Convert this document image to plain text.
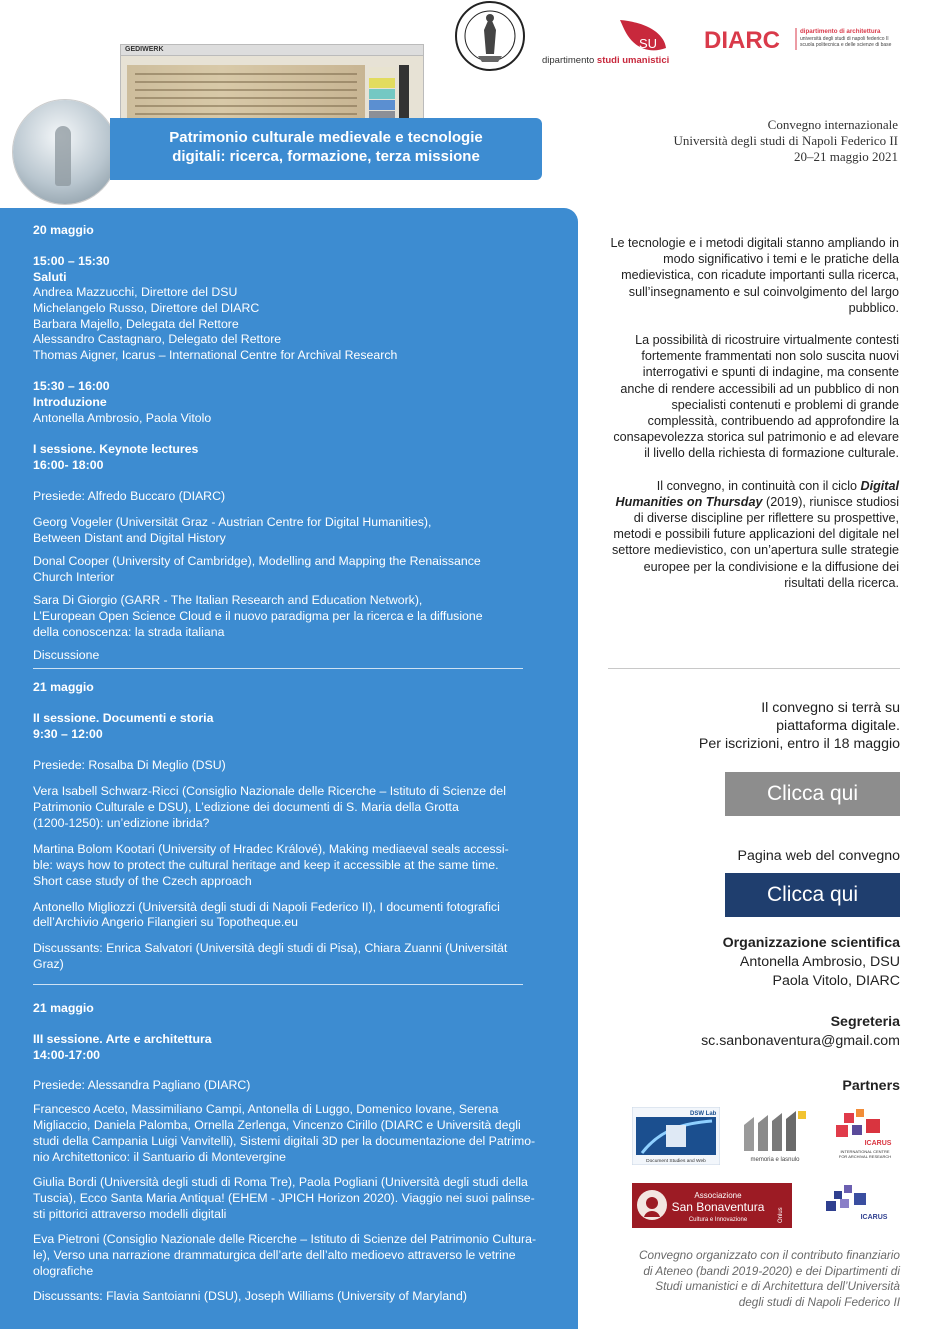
GEDIWERK
Patrimonio culturale medievale e tecnologie
digitali: ricerca, formazione, terza missione
SU
dipartimento studi umanistici
DIARC	dipartimento di architettura
università degli studi di napoli federico II
scuola politecnica e delle scienze di base
Convegno internazionale
Università degli studi di Napoli Federico II
20–21 maggio 2021
20 maggio
15:00 – 15:30
Saluti
Andrea Mazzucchi, Direttore del DSU
Michelangelo Russo, Direttore del DIARC
Barbara Majello, Delegata del Rettore
Alessandro Castagnaro, Delegato del Rettore
Thomas Aigner, Icarus – International Centre for Archival Research
15:30 – 16:00
Introduzione
Antonella Ambrosio, Paola Vitolo
I sessione. Keynote lectures
16:00- 18:00
Presiede: Alfredo Buccaro (DIARC)
Georg Vogeler (Universität Graz - Austrian Centre for Digital Humanities),
Between Distant and Digital History
Donal Cooper (University of Cambridge), Modelling and Mapping the Renaissance
Church Interior
Sara Di Giorgio (GARR - The Italian Research and Education Network),
L’European Open Science Cloud e il nuovo paradigma per la ricerca e la diffusione
della conoscenza: la strada italiana
Discussione
21 maggio
II sessione. Documenti e storia
9:30 – 12:00
Presiede: Rosalba Di Meglio (DSU)
Vera Isabell Schwarz-Ricci (Consiglio Nazionale delle Ricerche – Istituto di Scienze del
Patrimonio Culturale e DSU), L’edizione dei documenti di S. Maria della Grotta
(1200-1250): un’edizione ibrida?
Martina Bolom Kootari (University of Hradec Králové), Making mediaeval seals accessi-
ble: ways how to protect the cultural heritage and keep it accessible at the same time.
Short case study of the Czech approach
Antonello Migliozzi (Università degli studi di Napoli Federico II), I documenti fotografici
dell’Archivio Angerio Filangieri su Topotheque.eu
Discussants: Enrica Salvatori (Università degli studi di Pisa), Chiara Zuanni (Universität
Graz)
21 maggio
III sessione. Arte e architettura
14:00-17:00
Presiede: Alessandra Pagliano (DIARC)
Francesco Aceto, Massimiliano Campi, Antonella di Luggo, Domenico Iovane, Serena
Migliaccio, Daniela Palomba, Ornella Zerlenga, Vincenzo Cirillo (DIARC e Università degli
studi della Campania Luigi Vanvitelli), Sistemi digitali 3D per la documentazione del Patrimo-
nio Architettonico: il Santuario di Montevergine
Giulia Bordi (Università degli studi di Roma Tre), Paola Pogliani (Università degli studi della
Tuscia), Ecco Santa Maria Antiqua! (EHEM - JPICH Horizon 2020). Viaggio nei suoi palinse-
sti pittorici attraverso modelli digitali
Eva Pietroni (Consiglio Nazionale delle Ricerche – Istituto di Scienze del Patrimonio Cultura-
le), Verso una narrazione drammaturgica dell’arte dell’alto medioevo attraverso le vetrine
olografiche
Discussants: Flavia Santoianni (DSU), Joseph Williams (University of Maryland)

Le tecnologie e i metodi digitali stanno ampliando in modo significativo i temi e le pratiche della medievistica, con ricadute importanti sulla ricerca, sull’insegnamento e sul coinvolgimento del largo pubblico.

La possibilità di ricostruire virtualmente contesti fortemente frammentati non solo suscita nuovi interrogativi e spunti di indagine, ma consente anche di rendere accessibili ad un pubblico di non specialisti contenuti e problemi di grande complessità, contribuendo ad approfondire la consapevolezza storica sul patrimonio e ad elevare il livello della richiesta di formazione culturale.

Il convegno, in continuità con il ciclo Digital Humanities on Thursday (2019), riunisce studiosi di diverse discipline per riflettere su prospettive, metodi e possibili future applicazioni del digitale nel settore medievistico, con un’apertura sulle strategie europee per la condivisione e la diffusione dei risultati della ricerca.

Il convegno si terrà su
piattaforma digitale.
Per iscrizioni, entro il 18 maggio
Clicca qui
Pagina web del convegno
Clicca qui
Organizzazione scientifica
Antonella Ambrosio, DSU
Paola Vitolo, DIARC
Segreteria
sc.sanbonaventura@gmail.com
Partners
DSW Lab
Document Studies and Web	memoria e lasnulo
ICARUS
INTERNATIONAL CENTRE
FOR ARCHIVAL RESEARCH
Associazione
San Bonaventura
Cultura e Innovazione	Onlus	ICARUS
Convegno organizzato con il contributo finanziario
di Ateneo (bandi 2019-2020) e dei Dipartimenti di
Studi umanistici e di Architettura dell’Università
degli studi di Napoli Federico II
